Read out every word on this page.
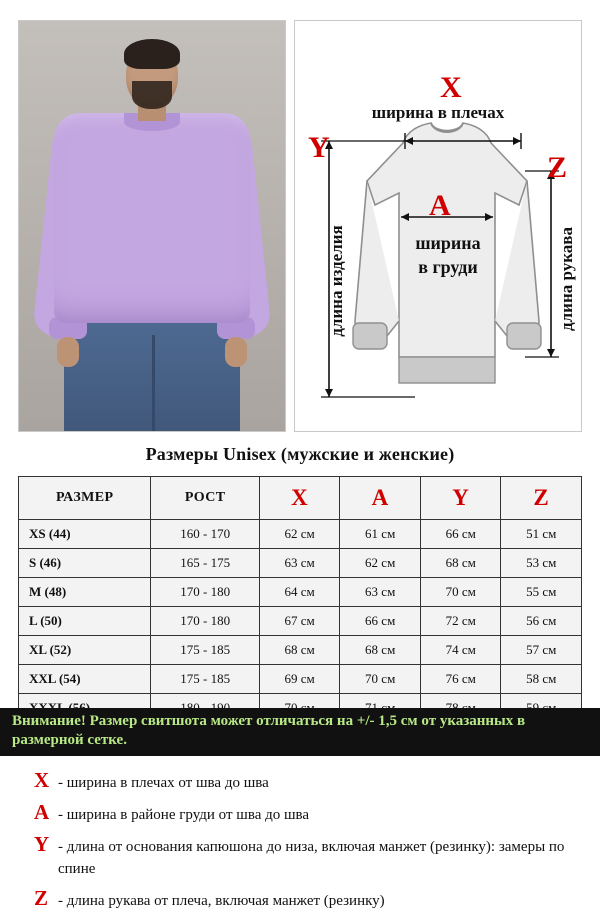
X
ширина в плечах
Y
длина изделия
Z
длина рукава
A
ширина
в груди
Размеры Unisex (мужские и женские)
РАЗМЕР	РОСТ	X	A	Y	Z
XS (44)	160 - 170	62 см	61 см	66 см	51 см
S (46)	165 - 175	63 см	62 см	68 см	53 см
M (48)	170 - 180	64 см	63 см	70 см	55 см
L (50)	170 - 180	67 см	66 см	72 см	56 см
XL (52)	175 - 185	68 см	68 см	74 см	57 см
XXL (54)	175 - 185	69 см	70 см	76 см	58 см

Внимание! Размер свитшота может отличаться на +/- 1,5 см от указанных в размерной сетке.
X - ширина в плечах от шва до шва
A - ширина в районе груди от шва до шва
Y - длина от основания капюшона до низа, включая манжет (резинку): замеры по спине
Z - длина рукава от плеча, включая манжет (резинку)
